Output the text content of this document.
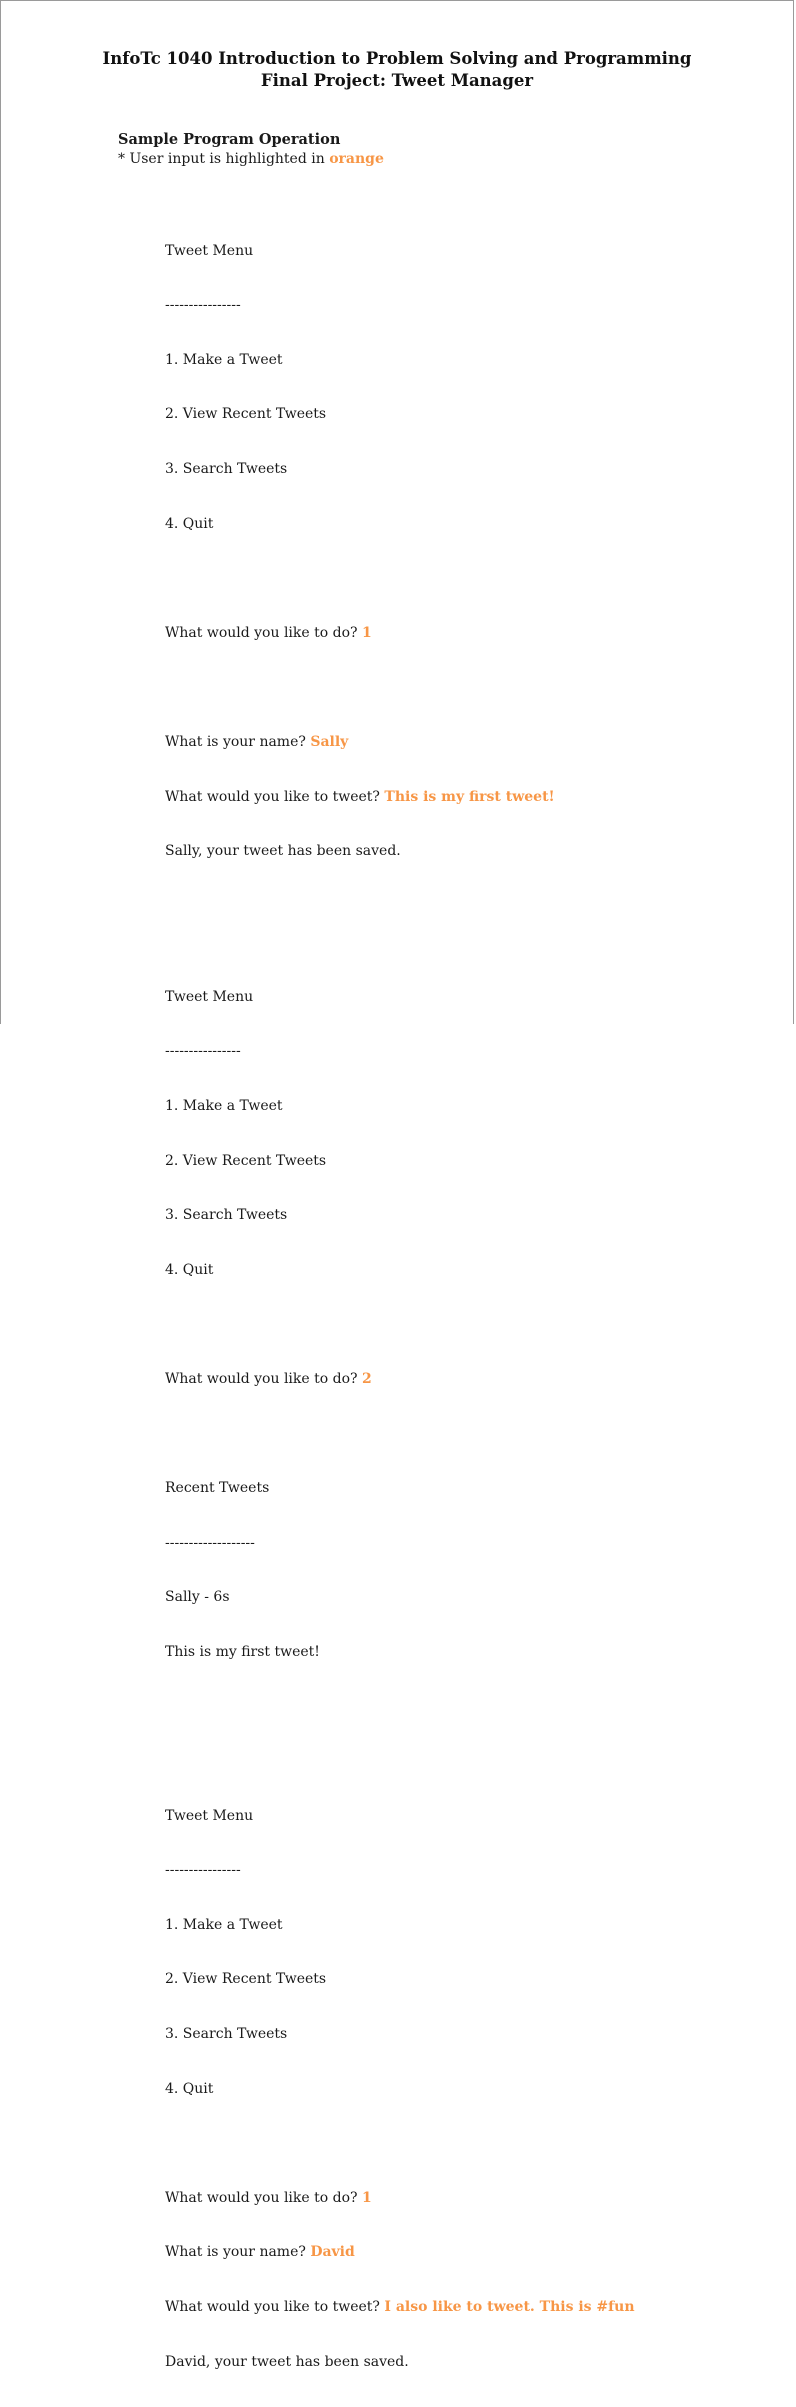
InfoTc 1040 Introduction to Problem Solving and Programming
Final Project: Tweet Manager
Sample Program Operation
* User input is highlighted in orange

Tweet Menu

----------------

1. Make a Tweet

2. View Recent Tweets

3. Search Tweets

4. Quit

What would you like to do? 1

What is your name? Sally

What would you like to tweet? This is my first tweet!

Sally, your tweet has been saved.

Tweet Menu

----------------

1. Make a Tweet

2. View Recent Tweets

3. Search Tweets

4. Quit

What would you like to do? 2

Recent Tweets

-------------------

Sally - 6s

This is my first tweet!

Tweet Menu

----------------

1. Make a Tweet

2. View Recent Tweets

3. Search Tweets

4. Quit

What would you like to do? 1

What is your name? David

What would you like to tweet? I also like to tweet. This is #fun

David, your tweet has been saved.
